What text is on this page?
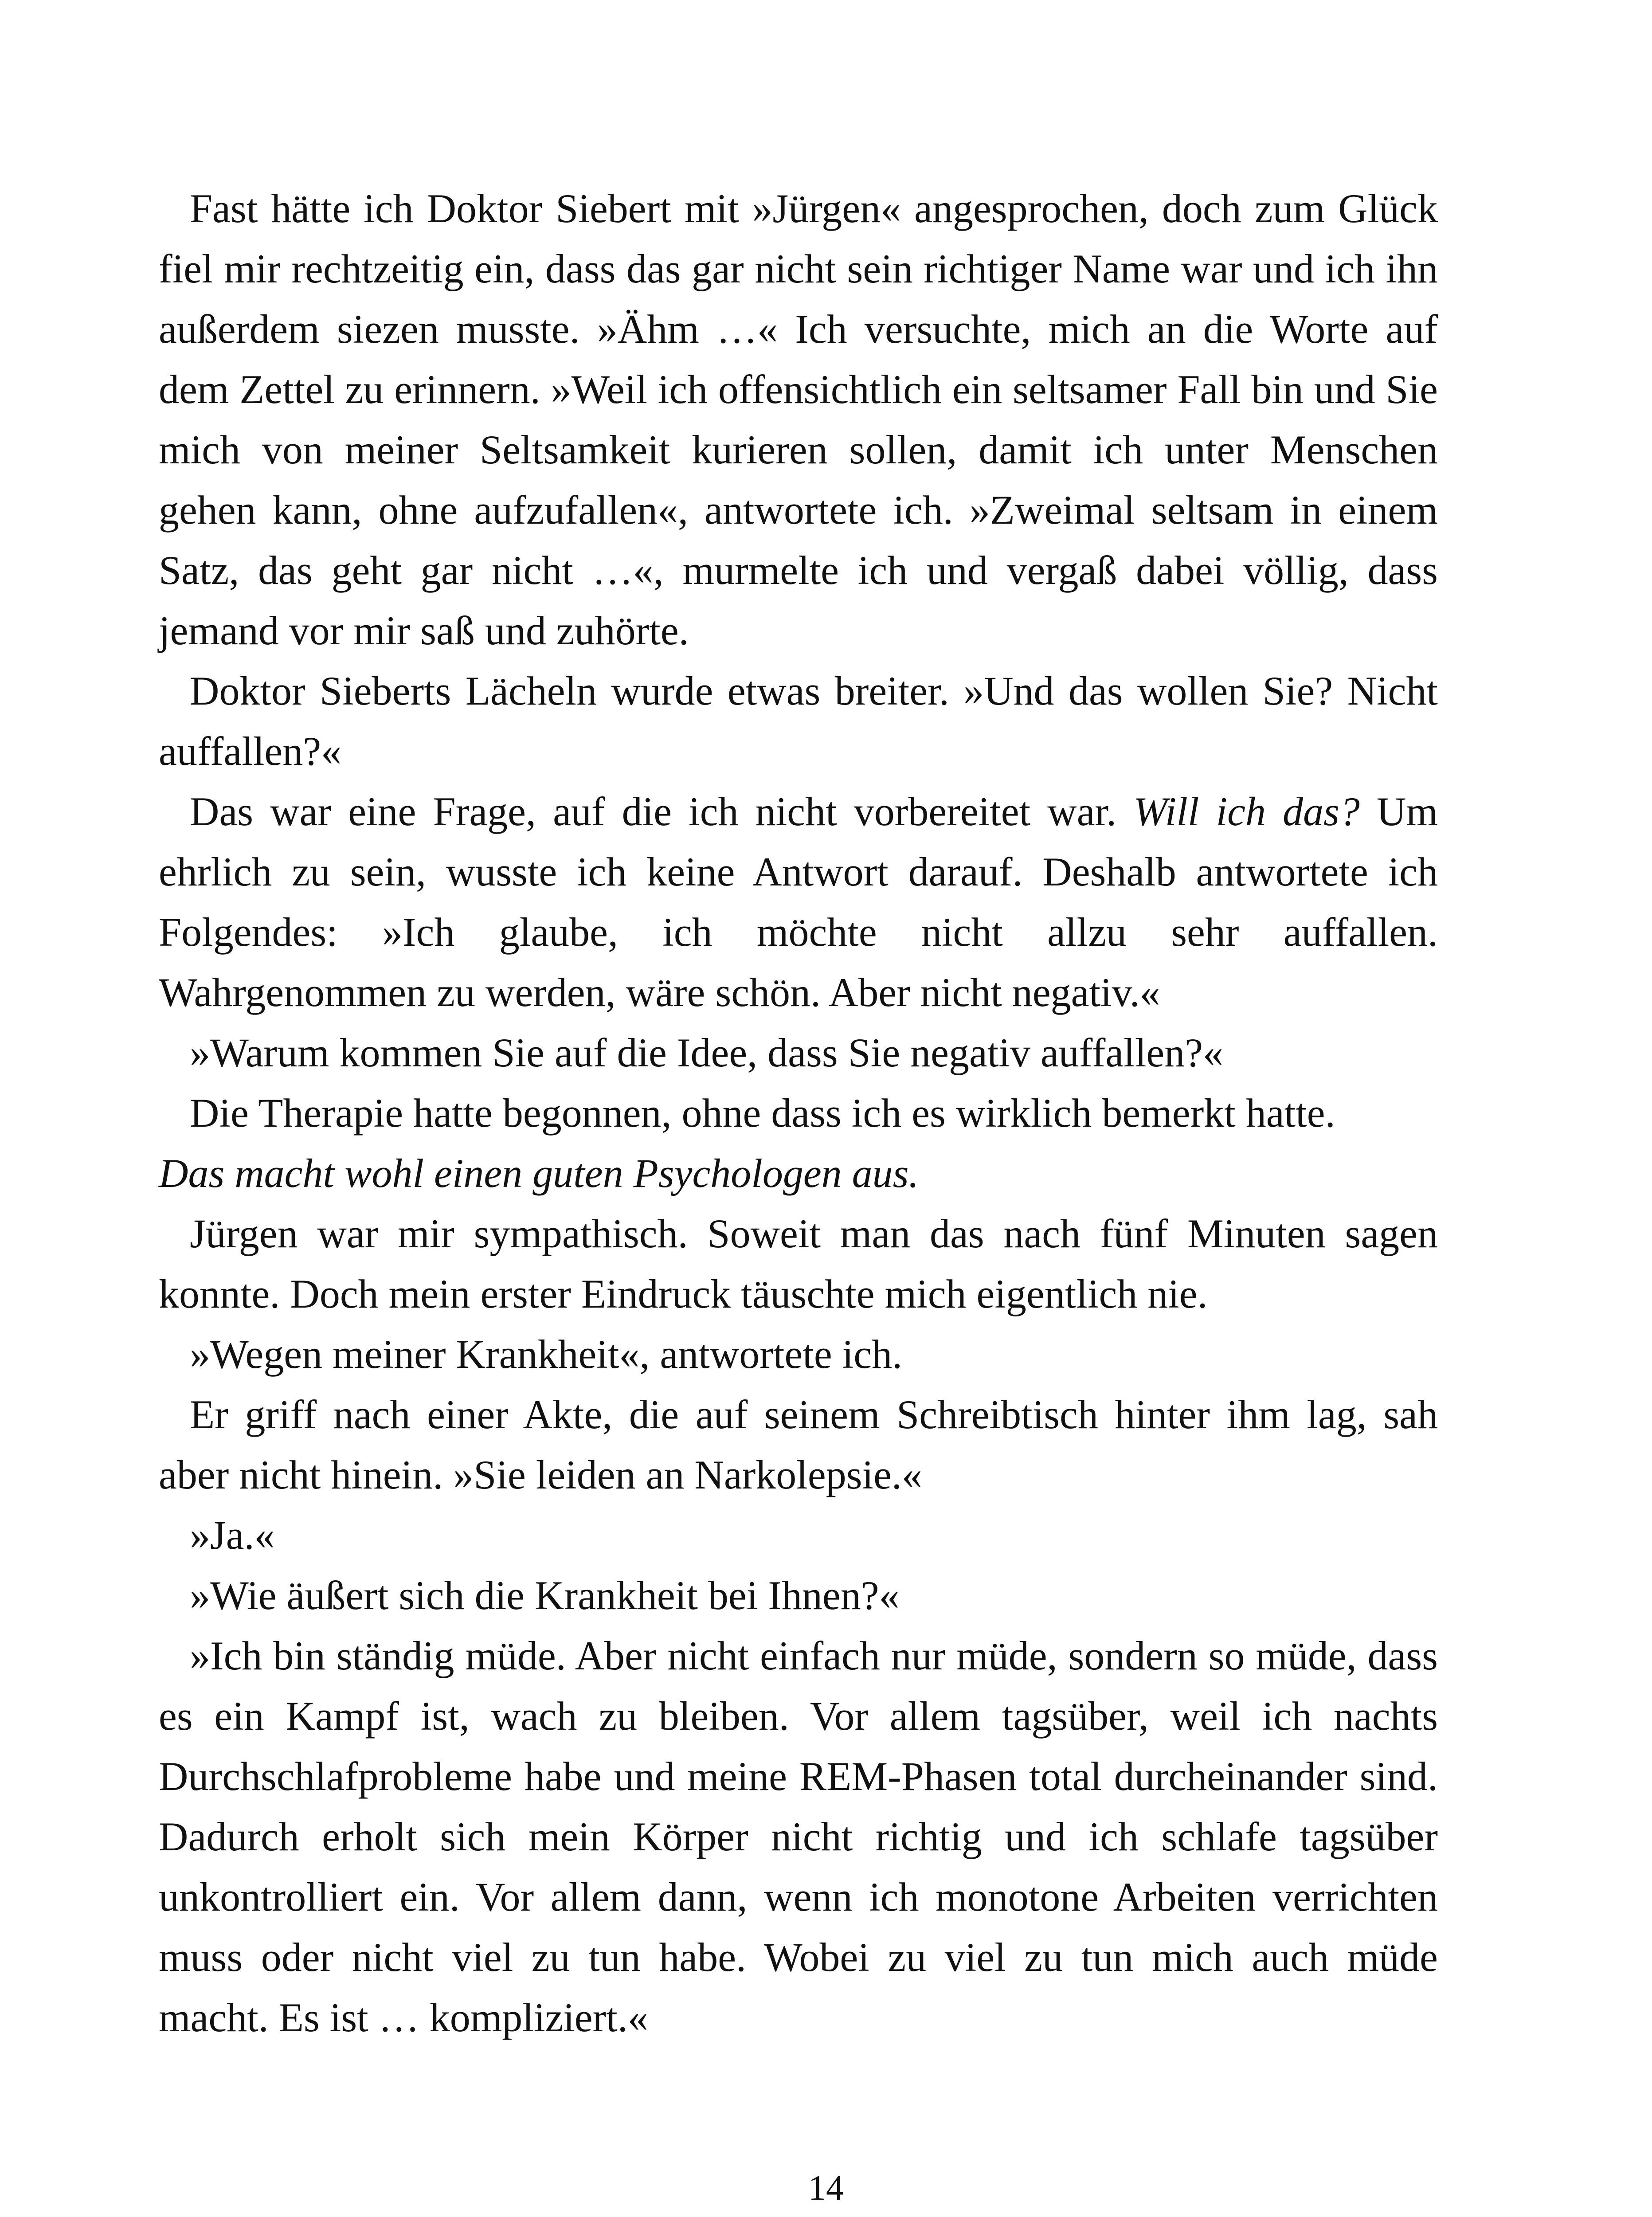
Fast hätte ich Doktor Siebert mit »Jürgen« angesprochen, doch zum Glück fiel mir rechtzeitig ein, dass das gar nicht sein richtiger Name war und ich ihn außerdem siezen musste. »Ähm …« Ich versuchte, mich an die Worte auf dem Zettel zu erinnern. »Weil ich offensichtlich ein seltsamer Fall bin und Sie mich von meiner Seltsamkeit kurieren sollen, damit ich unter Menschen gehen kann, ohne aufzufallen«, antwortete ich. »Zweimal seltsam in einem Satz, das geht gar nicht …«, murmelte ich und vergaß dabei völlig, dass jemand vor mir saß und zuhörte.

Doktor Sieberts Lächeln wurde etwas breiter. »Und das wollen Sie? Nicht auffallen?«

Das war eine Frage, auf die ich nicht vorbereitet war. Will ich das? Um ehrlich zu sein, wusste ich keine Antwort darauf. Deshalb antwortete ich Folgendes: »Ich glaube, ich möchte nicht allzu sehr auffallen. Wahrgenommen zu werden, wäre schön. Aber nicht negativ.«

»Warum kommen Sie auf die Idee, dass Sie negativ auffallen?«

Die Therapie hatte begonnen, ohne dass ich es wirklich bemerkt hatte.

Das macht wohl einen guten Psychologen aus.

Jürgen war mir sympathisch. Soweit man das nach fünf Minuten sagen konnte. Doch mein erster Eindruck täuschte mich eigentlich nie.

»Wegen meiner Krankheit«, antwortete ich.

Er griff nach einer Akte, die auf seinem Schreibtisch hinter ihm lag, sah aber nicht hinein. »Sie leiden an Narkolepsie.«

»Ja.«

»Wie äußert sich die Krankheit bei Ihnen?«

»Ich bin ständig müde. Aber nicht einfach nur müde, sondern so müde, dass es ein Kampf ist, wach zu bleiben. Vor allem tagsüber, weil ich nachts Durchschlafprobleme habe und meine REM-Phasen total durcheinander sind. Dadurch erholt sich mein Körper nicht richtig und ich schlafe tagsüber unkontrolliert ein. Vor allem dann, wenn ich monotone Arbeiten verrichten muss oder nicht viel zu tun habe. Wobei zu viel zu tun mich auch müde macht. Es ist … kompliziert.«

14
